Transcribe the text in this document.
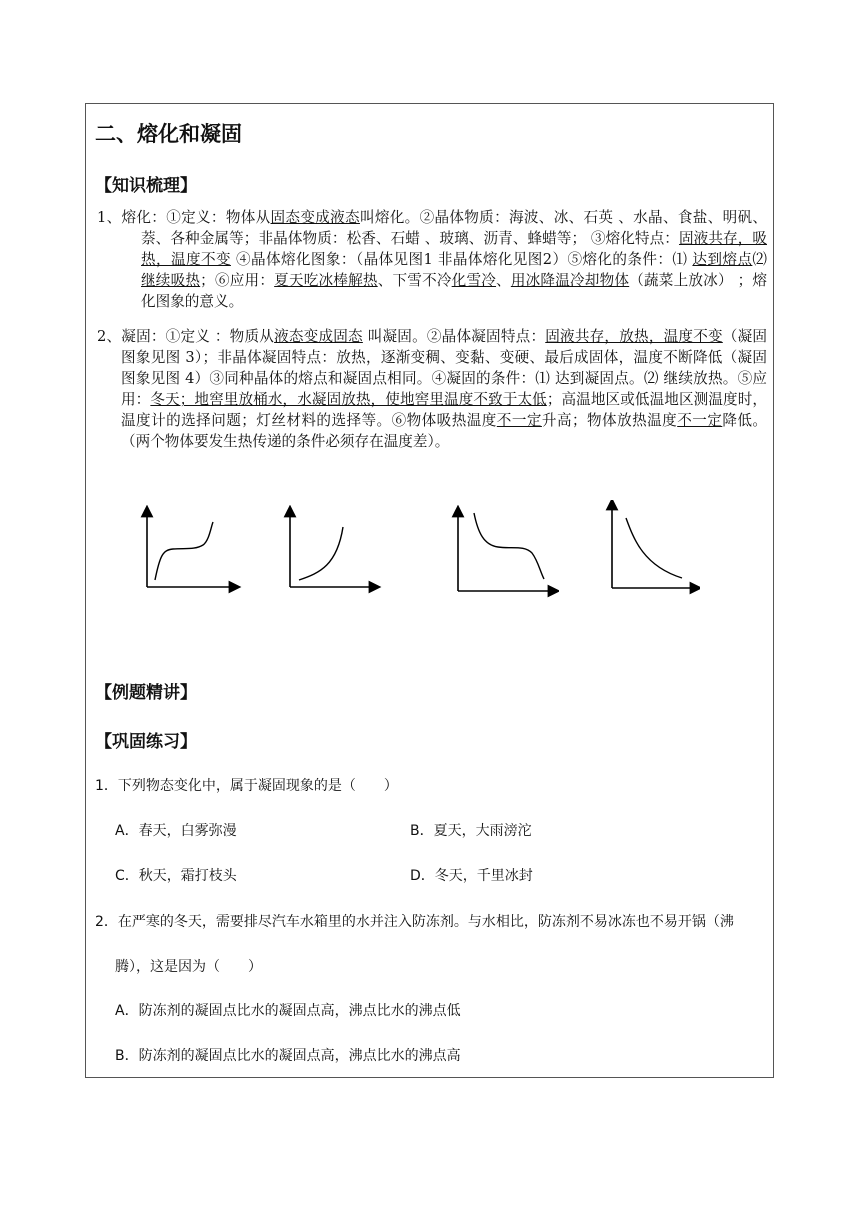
二、熔化和凝固
【知识梳理】
1、熔化：①定义：物体从固态变成液态叫熔化。②晶体物质：海波、冰、石英 、水晶、食盐、明矾、萘、各种金属等；非晶体物质：松香、石蜡 、玻璃、沥青、蜂蜡等； ③熔化特点：固液共存，吸热，温度不变 ④晶体熔化图象：（晶体见图1 非晶体熔化见图2）⑤熔化的条件：⑴ 达到熔点⑵ 继续吸热；⑥应用：夏天吃冰棒解热、下雪不冷化雪冷、用冰降温冷却物体（蔬菜上放冰） ；熔化图象的意义。
2、凝固：①定义 ：物质从液态变成固态 叫凝固。②晶体凝固特点：固液共存，放热，温度不变（凝固图象见图 3）；非晶体凝固特点：放热，逐渐变稠、变黏、变硬、最后成固体，温度不断降低（凝固图象见图 4）③同种晶体的熔点和凝固点相同。④凝固的条件：⑴ 达到凝固点。⑵ 继续放热。⑤应用：冬天；地窖里放桶水，水凝固放热，使地窖里温度不致于太低；高温地区或低温地区测温度时，温度计的选择问题；灯丝材料的选择等。⑥物体吸热温度不一定升高；物体放热温度不一定降低。（两个物体要发生热传递的条件必须存在温度差）。
【例题精讲】
【巩固练习】
1．下列物态变化中，属于凝固现象的是（　　）
A．春天，白雾弥漫	B．夏天，大雨滂沱
C．秋天，霜打枝头	D．冬天，千里冰封
2．在严寒的冬天，需要排尽汽车水箱里的水并注入防冻剂。与水相比，防冻剂不易冰冻也不易开锅（沸
腾），这是因为（　　）
A．防冻剂的凝固点比水的凝固点高，沸点比水的沸点低
B．防冻剂的凝固点比水的凝固点高，沸点比水的沸点高
